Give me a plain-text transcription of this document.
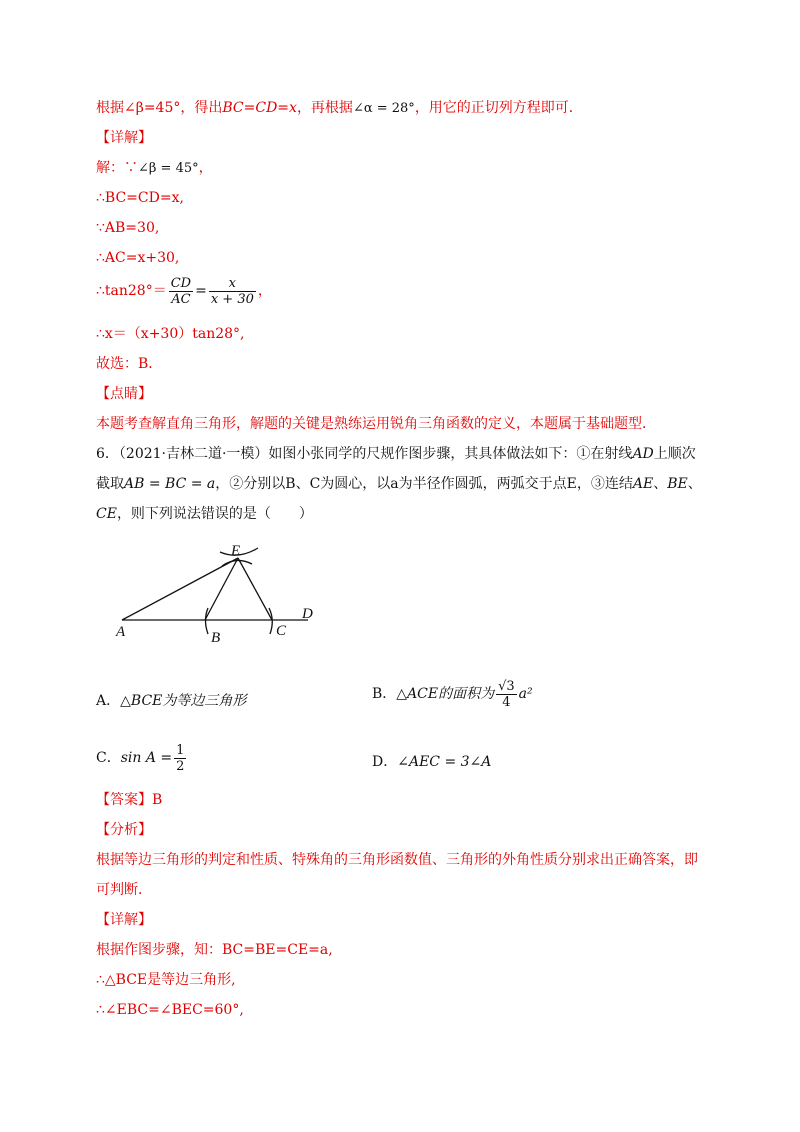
根据∠β=45°，得出BC=CD=x，再根据∠α = 28°，用它的正切列方程即可．
【详解】
解：∵∠β = 45°，
∴BC=CD=x,
∵AB=30,
∴AC=x+30,
∴tan28°＝ $\frac{CD}{AC} = \frac{x}{x + 30}$ ，
∴x＝（x+30）tan28°,
故选：B．
【点睛】
本题考查解直角三角形，解题的关键是熟练运用锐角三角函数的定义，本题属于基础题型．
6．（2021·吉林二道·一模）如图小张同学的尺规作图步骤，其具体做法如下：①在射线AD上顺次
截取AB = BC = a，②分别以B、C为圆心，以a为半径作圆弧，两弧交于点E，③连结AE、BE、
CE，则下列说法错误的是（　　）
A	B	C
D
E
A．△BCE为等边三角形	B．△ACE的面积为 $\frac{√3}{4} a^2$
C．$\sin A = \frac{1}{2}$	D．∠AEC = 3∠A
【答案】B
【分析】
根据等边三角形的判定和性质、特殊角的三角形函数值、三角形的外角性质分别求出正确答案，即
可判断．
【详解】
根据作图步骤，知：BC=BE=CE=a,
∴△BCE是等边三角形,
∴∠EBC=∠BEC=60°,
